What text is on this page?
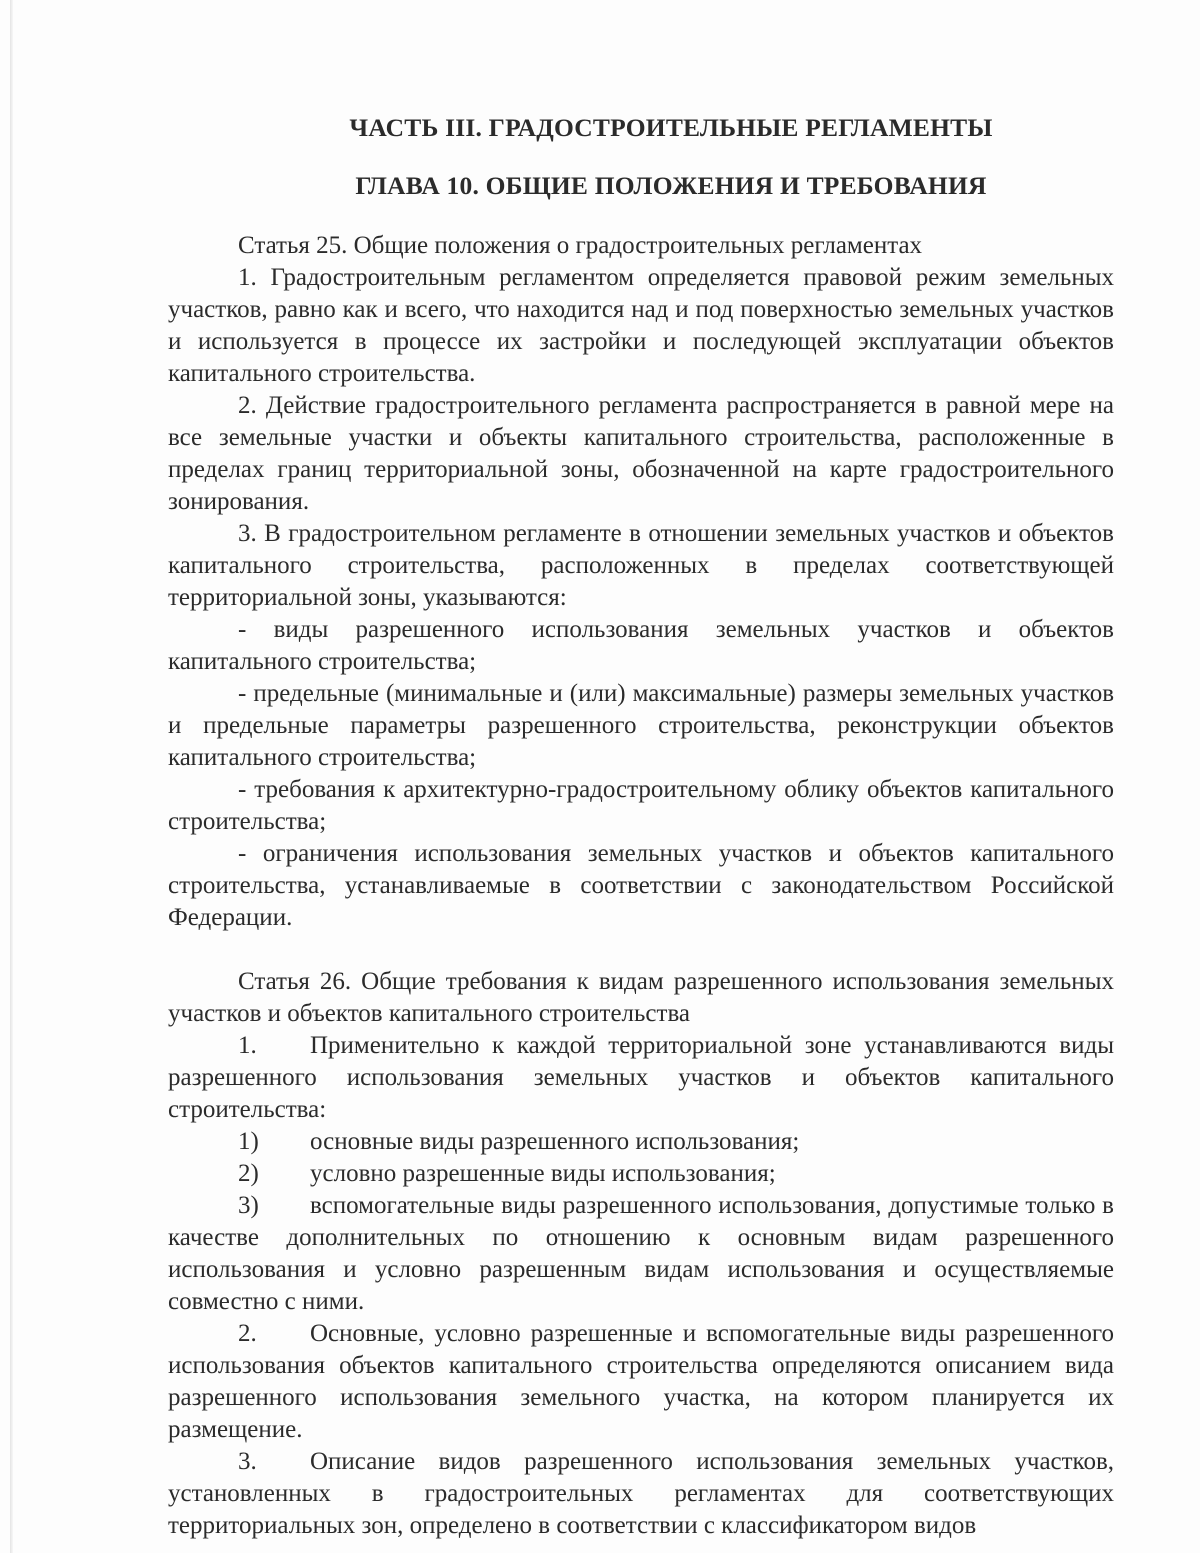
ЧАСТЬ III. ГРАДОСТРОИТЕЛЬНЫЕ РЕГЛАМЕНТЫ
ГЛАВА 10. ОБЩИЕ ПОЛОЖЕНИЯ И ТРЕБОВАНИЯ

Статья 25. Общие положения о градостроительных регламентах

1. Градостроительным регламентом определяется правовой режим земельных участков, равно как и всего, что находится над и под поверхностью земельных участков и используется в процессе их застройки и последующей эксплуатации объектов капитального строительства.

2. Действие градостроительного регламента распространяется в равной мере на все земельные участки и объекты капитального строительства, расположенные в пределах границ территориальной зоны, обозначенной на карте градостроительного зонирования.

3. В градостроительном регламенте в отношении земельных участков и объектов капитального строительства, расположенных в пределах соответствующей территориальной зоны, указываются:

- виды разрешенного использования земельных участков и объектов капитального строительства;

- предельные (минимальные и (или) максимальные) размеры земельных участков и предельные параметры разрешенного строительства, реконструкции объектов капитального строительства;

- требования к архитектурно-градостроительному облику объектов капитального строительства;

- ограничения использования земельных участков и объектов капитального строительства, устанавливаемые в соответствии с законодательством Российской Федерации.

Статья 26. Общие требования к видам разрешенного использования земельных участков и объектов капитального строительства

1. Применительно к каждой территориальной зоне устанавливаются виды разрешенного использования земельных участков и объектов капитального строительства:

1) основные виды разрешенного использования;

2) условно разрешенные виды использования;

3) вспомогательные виды разрешенного использования, допустимые только в качестве дополнительных по отношению к основным видам разрешенного использования и условно разрешенным видам использования и осуществляемые совместно с ними.

2. Основные, условно разрешенные и вспомогательные виды разрешенного использования объектов капитального строительства определяются описанием вида разрешенного использования земельного участка, на котором планируется их размещение.

3. Описание видов разрешенного использования земельных участков, установленных в градостроительных регламентах для соответствующих территориальных зон, определено в соответствии с классификатором видов
